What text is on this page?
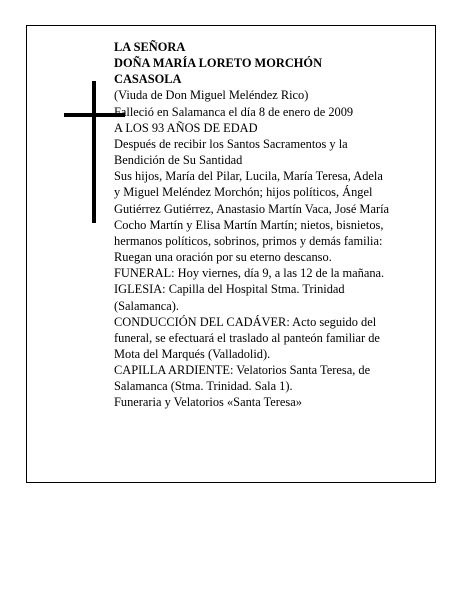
LA SEÑORA
DOÑA MARÍA LORETO MORCHÓN
CASASOLA
(Viuda de Don Miguel Meléndez Rico)
Falleció en Salamanca el día 8 de enero de 2009
A LOS 93 AÑOS DE EDAD
Después de recibir los Santos Sacramentos y la
Bendición de Su Santidad
Sus hijos, María del Pilar, Lucila, María Teresa, Adela
y Miguel Meléndez Morchón; hijos políticos, Ángel
Gutiérrez Gutiérrez, Anastasio Martín Vaca, José María
Cocho Martín y Elisa Martín Martín; nietos, bisnietos,
hermanos políticos, sobrinos, primos y demás familia:
Ruegan una oración por su eterno descanso.
FUNERAL: Hoy viernes, día 9, a las 12 de la mañana.
IGLESIA: Capilla del Hospital Stma. Trinidad
(Salamanca).
CONDUCCIÓN DEL CADÁVER: Acto seguido del
funeral, se efectuará el traslado al panteón familiar de
Mota del Marqués (Valladolid).
CAPILLA ARDIENTE: Velatorios Santa Teresa, de
Salamanca (Stma. Trinidad. Sala 1).
Funeraria y Velatorios «Santa Teresa»
